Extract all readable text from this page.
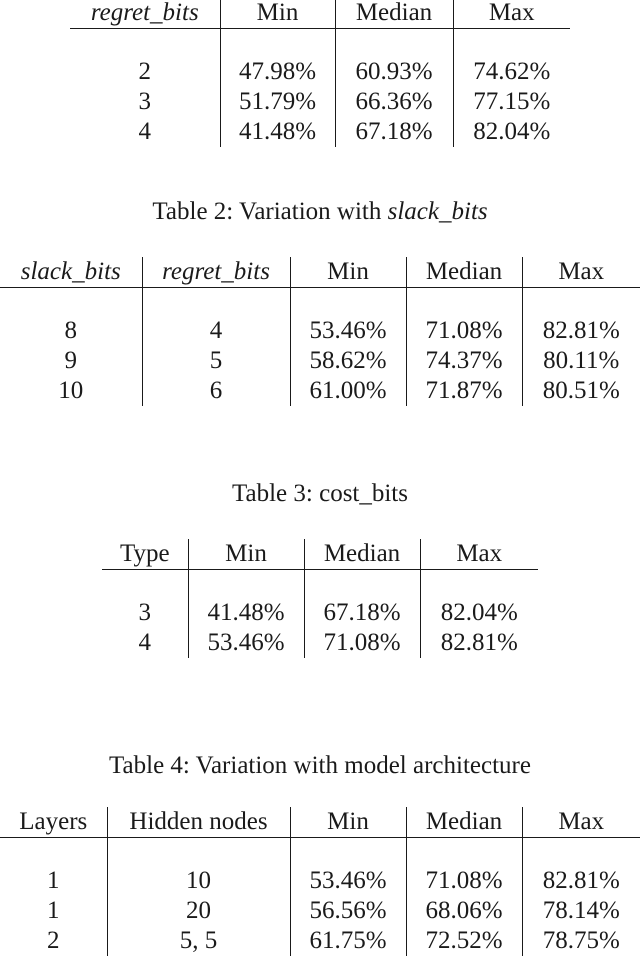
regret_bits	Min	Median	Max

2	47.98%	60.93%	74.62%
3	51.79%	66.36%	77.15%
4	41.48%	67.18%	82.04%
Table 2: Variation with slack_bits
slack_bits	regret_bits	Min	Median	Max

8	4	53.46%	71.08%	82.81%
9	5	58.62%	74.37%	80.11%
10	6	61.00%	71.87%	80.51%
Table 3: cost_bits
Type	Min	Median	Max

3	41.48%	67.18%	82.04%
4	53.46%	71.08%	82.81%
Table 4: Variation with model architecture
Layers	Hidden nodes	Min	Median	Max

1	10	53.46%	71.08%	82.81%
1	20	56.56%	68.06%	78.14%
2	5, 5	61.75%	72.52%	78.75%
